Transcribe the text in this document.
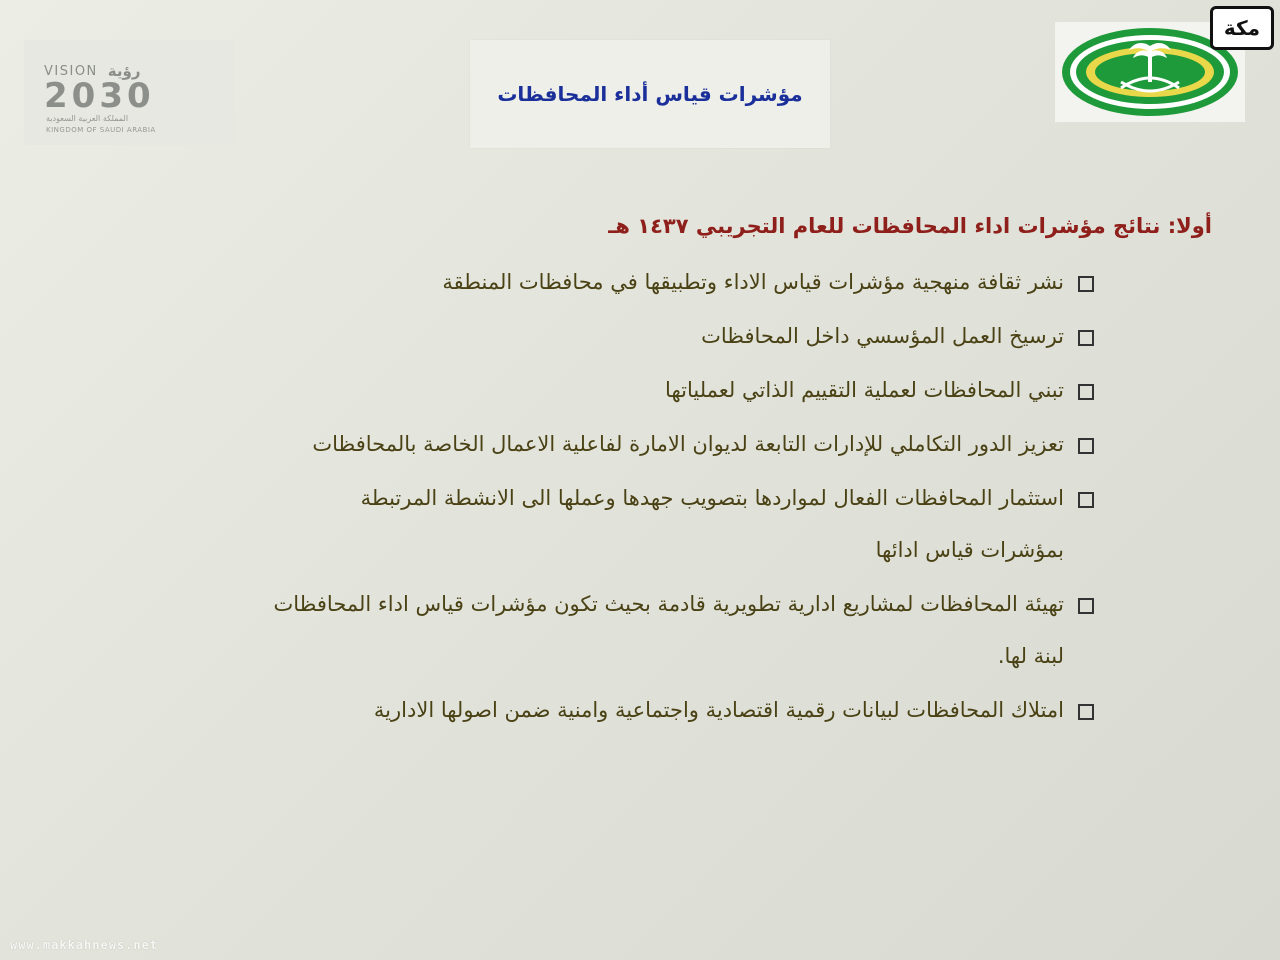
VISION رؤية
2030
المملكة العربية السعودية
KINGDOM OF SAUDI ARABIA
مؤشرات قياس أداء المحافظات
مكة
أولا: نتائج مؤشرات اداء المحافظات للعام التجريبي ١٤٣٧ هـ
نشر ثقافة منهجية مؤشرات قياس الاداء وتطبيقها في محافظات المنطقة
ترسيخ العمل المؤسسي داخل المحافظات
تبني المحافظات لعملية التقييم الذاتي لعملياتها
تعزيز الدور التكاملي للإدارات التابعة لديوان الامارة لفاعلية الاعمال الخاصة بالمحافظات
استثمار المحافظات الفعال لمواردها بتصويب جهدها وعملها الى الانشطة المرتبطة
بمؤشرات قياس ادائها
تهيئة المحافظات لمشاريع ادارية تطويرية قادمة بحيث تكون مؤشرات قياس اداء المحافظات
لبنة لها.
امتلاك المحافظات لبيانات رقمية اقتصادية واجتماعية وامنية ضمن اصولها الادارية
www.makkahnews.net
